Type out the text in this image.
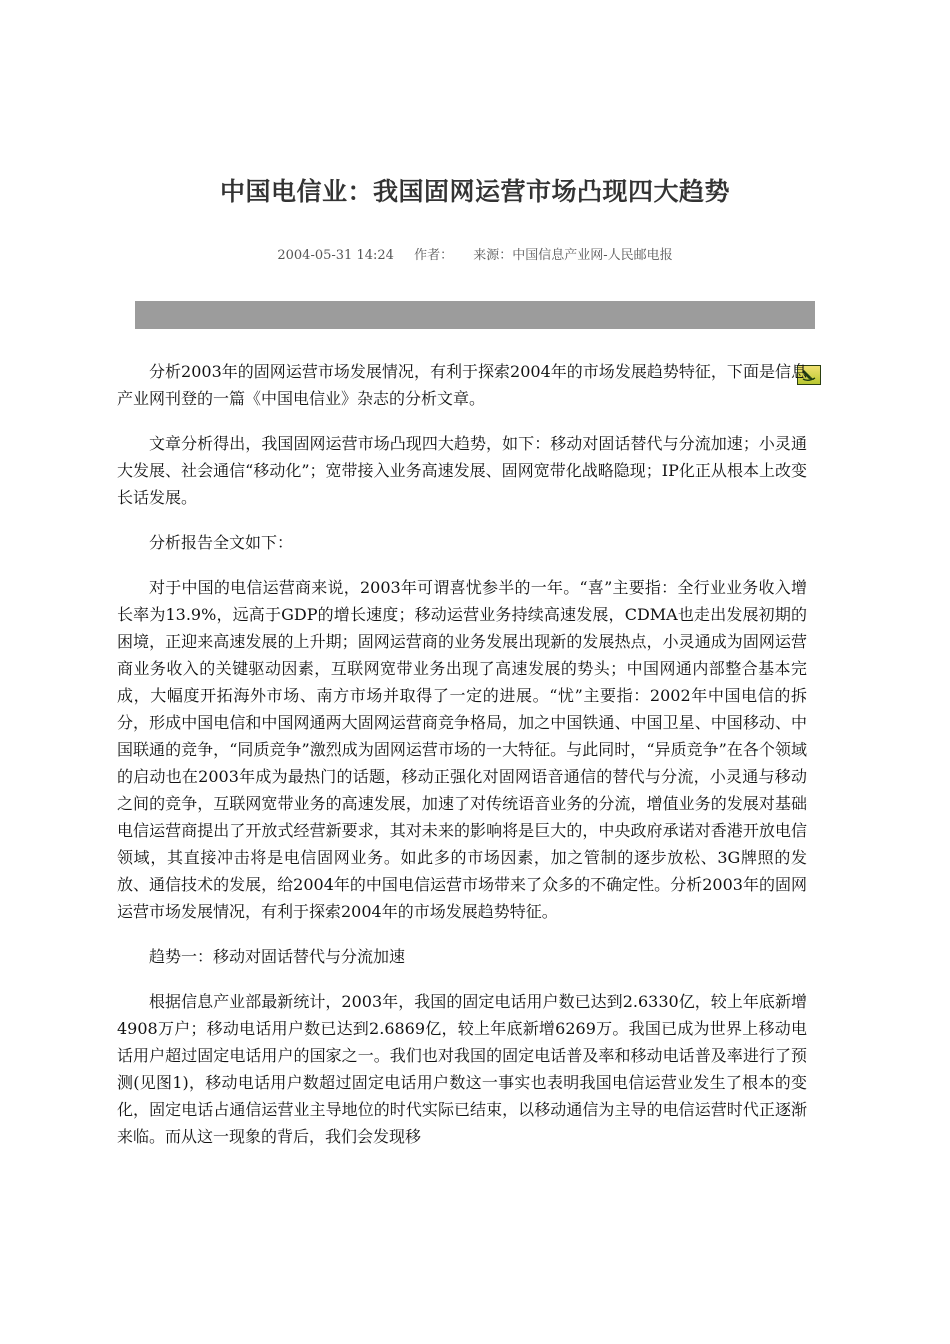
中国电信业：我国固网运营市场凸现四大趋势
2004-05-31 14:24 作者： 来源：中国信息产业网-人民邮电报

分析2003年的固网运营市场发展情况，有利于探索2004年的市场发展趋势特征，下面是信息产业网刊登的一篇《中国电信业》杂志的分析文章。

文章分析得出，我国固网运营市场凸现四大趋势，如下：移动对固话替代与分流加速；小灵通大发展、社会通信“移动化”；宽带接入业务高速发展、固网宽带化战略隐现；IP化正从根本上改变长话发展。

分析报告全文如下：

对于中国的电信运营商来说，2003年可谓喜忧参半的一年。“喜”主要指：全行业业务收入增长率为13.9%，远高于GDP的增长速度；移动运营业务持续高速发展，CDMA也走出发展初期的困境，正迎来高速发展的上升期；固网运营商的业务发展出现新的发展热点，小灵通成为固网运营商业务收入的关键驱动因素，互联网宽带业务出现了高速发展的势头；中国网通内部整合基本完成，大幅度开拓海外市场、南方市场并取得了一定的进展。“忧”主要指：2002年中国电信的拆分，形成中国电信和中国网通两大固网运营商竞争格局，加之中国铁通、中国卫星、中国移动、中国联通的竞争，“同质竞争”激烈成为固网运营市场的一大特征。与此同时，“异质竞争”在各个领域的启动也在2003年成为最热门的话题，移动正强化对固网语音通信的替代与分流，小灵通与移动之间的竞争，互联网宽带业务的高速发展，加速了对传统语音业务的分流，增值业务的发展对基础电信运营商提出了开放式经营新要求，其对未来的影响将是巨大的，中央政府承诺对香港开放电信领域，其直接冲击将是电信固网业务。如此多的市场因素，加之管制的逐步放松、3G牌照的发放、通信技术的发展，给2004年的中国电信运营市场带来了众多的不确定性。分析2003年的固网运营市场发展情况，有利于探索2004年的市场发展趋势特征。

趋势一：移动对固话替代与分流加速

根据信息产业部最新统计，2003年，我国的固定电话用户数已达到2.6330亿，较上年底新增4908万户；移动电话用户数已达到2.6869亿，较上年底新增6269万。我国已成为世界上移动电话用户超过固定电话用户的国家之一。我们也对我国的固定电话普及率和移动电话普及率进行了预测(见图1)，移动电话用户数超过固定电话用户数这一事实也表明我国电信运营业发生了根本的变化，固定电话占通信运营业主导地位的时代实际已结束，以移动通信为主导的电信运营时代正逐渐来临。而从这一现象的背后，我们会发现移
